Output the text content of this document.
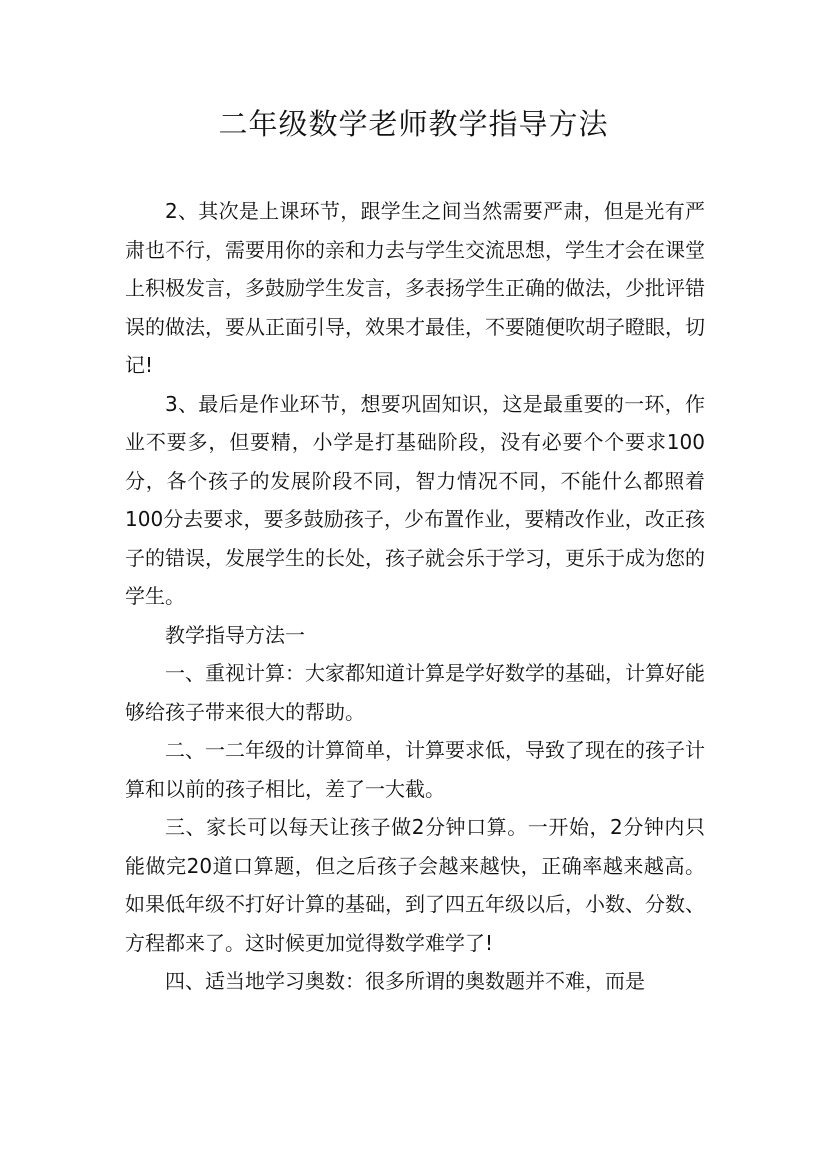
二年级数学老师教学指导方法

2、其次是上课环节，跟学生之间当然需要严肃，但是光有严肃也不行，需要用你的亲和力去与学生交流思想，学生才会在课堂上积极发言，多鼓励学生发言，多表扬学生正确的做法，少批评错误的做法，要从正面引导，效果才最佳，不要随便吹胡子瞪眼，切记!

3、最后是作业环节，想要巩固知识，这是最重要的一环，作业不要多，但要精，小学是打基础阶段，没有必要个个要求100分，各个孩子的发展阶段不同，智力情况不同，不能什么都照着100分去要求，要多鼓励孩子，少布置作业，要精改作业，改正孩子的错误，发展学生的长处，孩子就会乐于学习，更乐于成为您的学生。

教学指导方法一

一、重视计算：大家都知道计算是学好数学的基础，计算好能够给孩子带来很大的帮助。

二、一二年级的计算简单，计算要求低，导致了现在的孩子计算和以前的孩子相比，差了一大截。

三、家长可以每天让孩子做2分钟口算。一开始，2分钟内只能做完20道口算题，但之后孩子会越来越快，正确率越来越高。如果低年级不打好计算的基础，到了四五年级以后，小数、分数、方程都来了。这时候更加觉得数学难学了!

四、适当地学习奥数：很多所谓的奥数题并不难，而是
